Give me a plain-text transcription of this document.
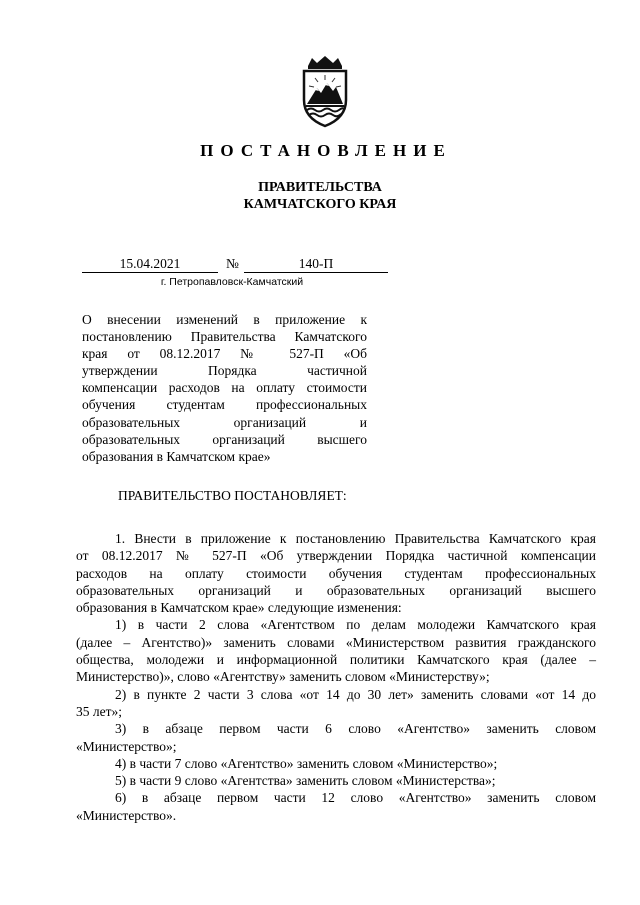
ПОСТАНОВЛЕНИЕ
ПРАВИТЕЛЬСТВА
КАМЧАТСКОГО КРАЯ
15.04.2021	№	140-П
г. Петропавловск-Камчатский
О внесении изменений в приложение к
постановлению Правительства Камчатского
края от 08.12.2017 № 527-П «Об
утверждении Порядка частичной
компенсации расходов на оплату стоимости
обучения студентам профессиональных
образовательных организаций и
образовательных организаций высшего
образования в Камчатском крае»
ПРАВИТЕЛЬСТВО ПОСТАНОВЛЯЕТ:
1. Внести в приложение к постановлению Правительства Камчатского края
от 08.12.2017 № 527-П «Об утверждении Порядка частичной компенсации
расходов на оплату стоимости обучения студентам профессиональных
образовательных организаций и образовательных организаций высшего
образования в Камчатском крае» следующие изменения:
1) в части 2 слова «Агентством по делам молодежи Камчатского края
(далее – Агентство)» заменить словами «Министерством развития гражданского
общества, молодежи и информационной политики Камчатского края (далее –
Министерство)», слово «Агентству» заменить словом «Министерству»;
2) в пункте 2 части 3 слова «от 14 до 30 лет» заменить словами «от 14 до
35 лет»;
3) в абзаце первом части 6 слово «Агентство» заменить словом
«Министерство»;
4) в части 7 слово «Агентство» заменить словом «Министерство»;
5) в части 9 слово «Агентства» заменить словом «Министерства»;
6) в абзаце первом части 12 слово «Агентство» заменить словом
«Министерство».
